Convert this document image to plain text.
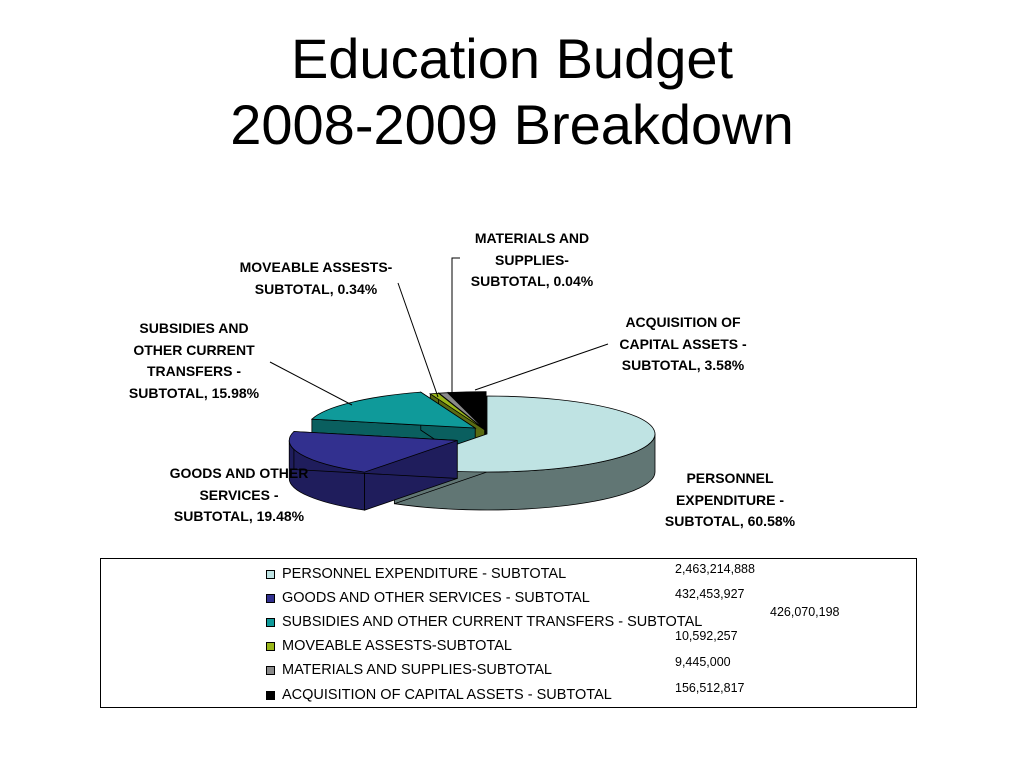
Education Budget
2008-2009 Breakdown
PERSONNEL
EXPENDITURE -
SUBTOTAL, 60.58%
GOODS AND OTHER
SERVICES -
SUBTOTAL, 19.48%
SUBSIDIES AND
OTHER CURRENT
TRANSFERS -
SUBTOTAL, 15.98%
MOVEABLE ASSESTS-
SUBTOTAL, 0.34%
MATERIALS AND
SUPPLIES-
SUBTOTAL, 0.04%
ACQUISITION OF
CAPITAL ASSETS -
SUBTOTAL, 3.58%
PERSONNEL EXPENDITURE - SUBTOTAL
GOODS AND OTHER SERVICES - SUBTOTAL
SUBSIDIES AND OTHER CURRENT TRANSFERS - SUBTOTAL
MOVEABLE ASSESTS-SUBTOTAL
MATERIALS AND SUPPLIES-SUBTOTAL
ACQUISITION OF CAPITAL ASSETS - SUBTOTAL
2,463,214,888
432,453,927
426,070,198
10,592,257
9,445,000
156,512,817
